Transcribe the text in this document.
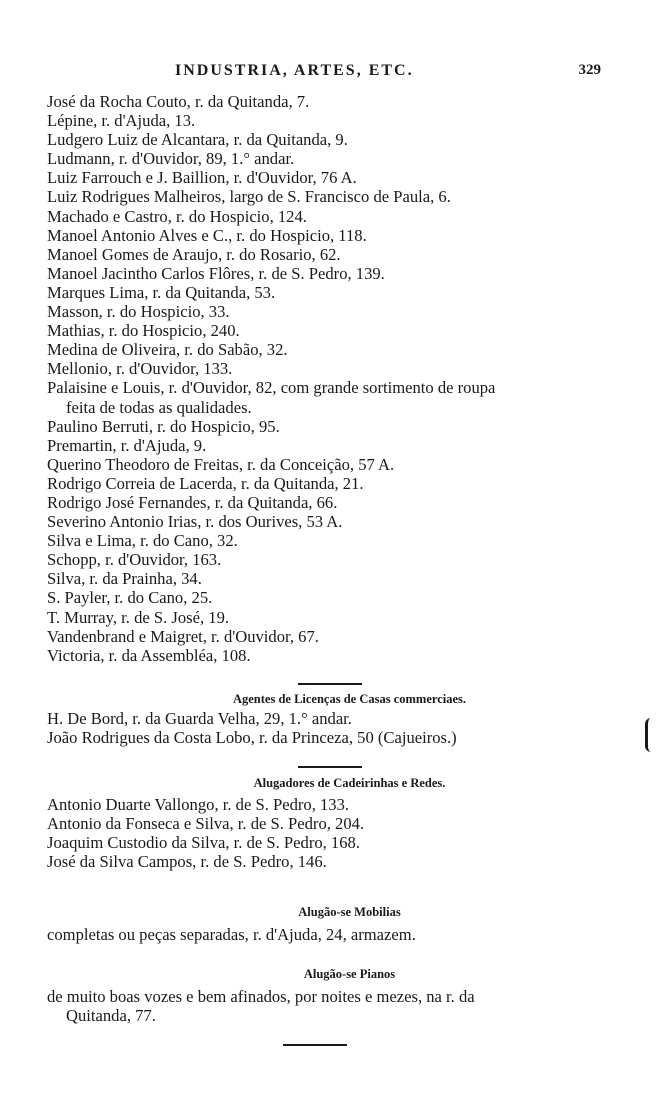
INDUSTRIA, ARTES, ETC.	329
José da Rocha Couto, r. da Quitanda, 7.
Lépine, r. d'Ajuda, 13.
Ludgero Luiz de Alcantara, r. da Quitanda, 9.
Ludmann, r. d'Ouvidor, 89, 1.° andar.
Luiz Farrouch e J. Baillion, r. d'Ouvidor, 76 A.
Luiz Rodrigues Malheiros, largo de S. Francisco de Paula, 6.
Machado e Castro, r. do Hospicio, 124.
Manoel Antonio Alves e C., r. do Hospicio, 118.
Manoel Gomes de Araujo, r. do Rosario, 62.
Manoel Jacintho Carlos Flôres, r. de S. Pedro, 139.
Marques Lima, r. da Quitanda, 53.
Masson, r. do Hospicio, 33.
Mathias, r. do Hospicio, 240.
Medina de Oliveira, r. do Sabão, 32.
Mellonio, r. d'Ouvidor, 133.
Palaisine e Louis, r. d'Ouvidor, 82, com grande sortimento de roupa
feita de todas as qualidades.
Paulino Berruti, r. do Hospicio, 95.
Premartin, r. d'Ajuda, 9.
Querino Theodoro de Freitas, r. da Conceição, 57 A.
Rodrigo Correia de Lacerda, r. da Quitanda, 21.
Rodrigo José Fernandes, r. da Quitanda, 66.
Severino Antonio Irias, r. dos Ourives, 53 A.
Silva e Lima, r. do Cano, 32.
Schopp, r. d'Ouvidor, 163.
Silva, r. da Prainha, 34.
S. Payler, r. do Cano, 25.
T. Murray, r. de S. José, 19.
Vandenbrand e Maigret, r. d'Ouvidor, 67.
Victoria, r. da Assembléa, 108.
Agentes de Licenças de Casas commerciaes.
H. De Bord, r. da Guarda Velha, 29, 1.° andar.
João Rodrigues da Costa Lobo, r. da Princeza, 50 (Cajueiros.)
Alugadores de Cadeirinhas e Redes.
Antonio Duarte Vallongo, r. de S. Pedro, 133.
Antonio da Fonseca e Silva, r. de S. Pedro, 204.
Joaquim Custodio da Silva, r. de S. Pedro, 168.
José da Silva Campos, r. de S. Pedro, 146.
Alugão-se Mobilias
completas ou peças separadas, r. d'Ajuda, 24, armazem.
Alugão-se Pianos
de muito boas vozes e bem afinados, por noites e mezes, na r. da
Quitanda, 77.
